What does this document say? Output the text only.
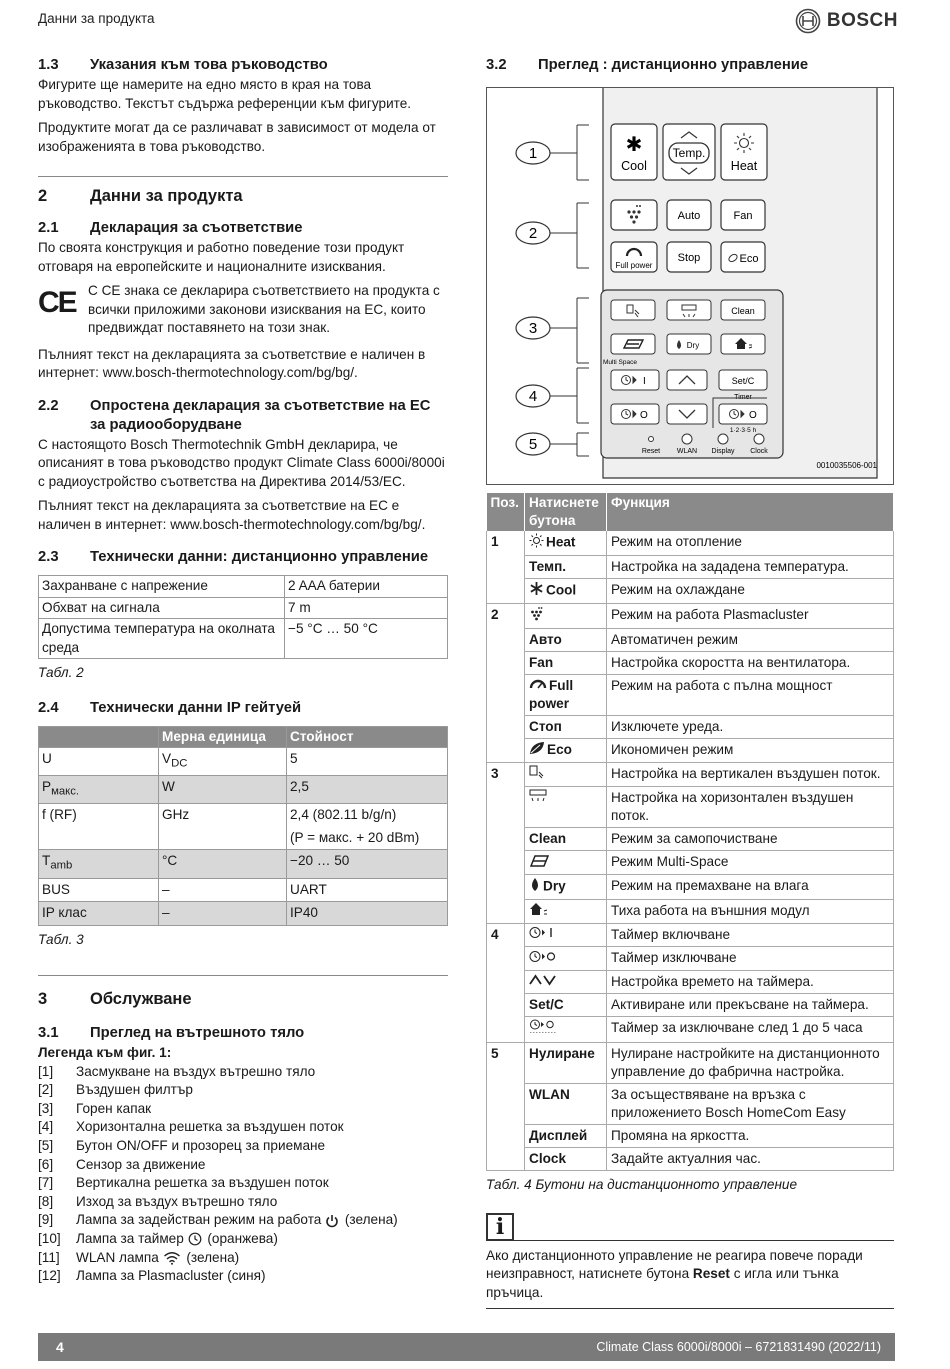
Данни за продукта	BOSCH
1.3	Указания към това ръководство
Фигурите ще намерите на едно място в края на това ръководство. Текстът съдържа референции към фигурите.
Продуктите могат да се различават в зависимост от модела от изображенията в това ръководство.
2	Данни за продукта
2.1	Декларация за съответствие
По своята конструкция и работно поведение този продукт отговаря на европейските и националните изисквания.
CE С CE знака се декларира съответствието на продукта с всички приложими законови изисквания на ЕС, които предвиждат поставянето на този знак.
Пълният текст на декларацията за съответствие е наличен в интернет: www.bosch-thermotechnology.com/bg/bg/.
2.2	Опростена декларация за съответствие на ЕС за радиооборудване
С настоящото Bosch Thermotechnik GmbH декларира, че описаният в това ръководство продукт Climate Class 6000i/8000i с радиоустройство съответства на Директива 2014/53/ЕС.
Пълният текст на декларацията за съответствие на ЕС е наличен в интернет: www.bosch-thermotechnology.com/bg/bg/.
2.3	Технически данни: дистанционно управление
Захранване с напрежение	2 AAA батерии
Обхват на сигнала	7 m
Допустима температура на околната среда	−5 °C … 50 °C
Табл. 2
2.4	Технически данни IP гейтуей
	Мерна единица	Стойност
U	$V_{DC}$	5
$P_{макс.}$	W	2,5
f (RF)	GHz	2,4 (802.11 b/g/n)
(P = макс. + 20 dBm)

$T_{amb}$	°C	−20 … 50
BUS	–	UART
IP клас	–	IP40
Табл. 3
3	Обслужване
3.1	Преглед на вътрешното тяло
Легенда към фиг. 1:
[1]	Засмукване на въздух вътрешно тяло
[2]	Въздушен филтър
[3]	Горен капак
[4]	Хоризонтална решетка за въздушен поток
[5]	Бутон ON/OFF и прозорец за приемане
[6]	Сензор за движение
[7]	Вертикална решетка за въздушен поток
[8]	Изход за въздух вътрешно тяло
[9]	Лампа за задействан режим на работа (зелена)
[10]	Лампа за таймер (оранжева)
[11]	WLAN лампа (зелена)
[12]	Лампа за Plasmacluster (синя)
3.2	Преглед : дистанционно управление
1
2
3
4
5
✱
Cool
Temp.
Heat
Auto	Fan
Full power
Stop	Eco
Clean
Multi Space
Dry
I	Set/C
Timer
O	O
1·2·3·5 h
Reset WLAN Display Clock
0010035506-001
Поз.	Натиснете бутона	Функция
1	Heat	Режим на отопление
	Темп.	Настройка на зададена температура.
	Cool	Режим на охлаждане
2		Режим на работа Plasmacluster
	Авто	Автоматичен режим
	Fan	Настройка скоростта на вентилатора.
	Full power	Режим на работа с пълна мощност
	Стоп	Изключете уреда.
	Eco	Икономичен режим
3		Настройка на вертикален въздушен поток.
		Настройка на хоризонтален въздушен поток.
	Clean	Режим за самопочистване
		Режим Multi-Space
	Dry	Режим на премахване на влага
		Тиха работа на външния модул
4		Таймер включване
		Таймер изключване
		Настройка времето на таймера.
	Set/C	Активиране или прекъсване на таймера.
		Таймер за изключване след 1 до 5 часа
5	Нулиране	Нулиране настройките на дистанционното управление до фабрична настройка.
	WLAN	За осъществяване на връзка с приложението Bosch HomeCom Easy
	Дисплей	Промяна на яркостта.
	Clock	Задайте актуалния час.
Табл. 4 Бутони на дистанционното управление
i
Ако дистанционното управление не реагира повече поради неизправност, натиснете бутона Reset с игла или тънка пръчица.
4	Climate Class 6000i/8000i – 6721831490 (2022/11)
